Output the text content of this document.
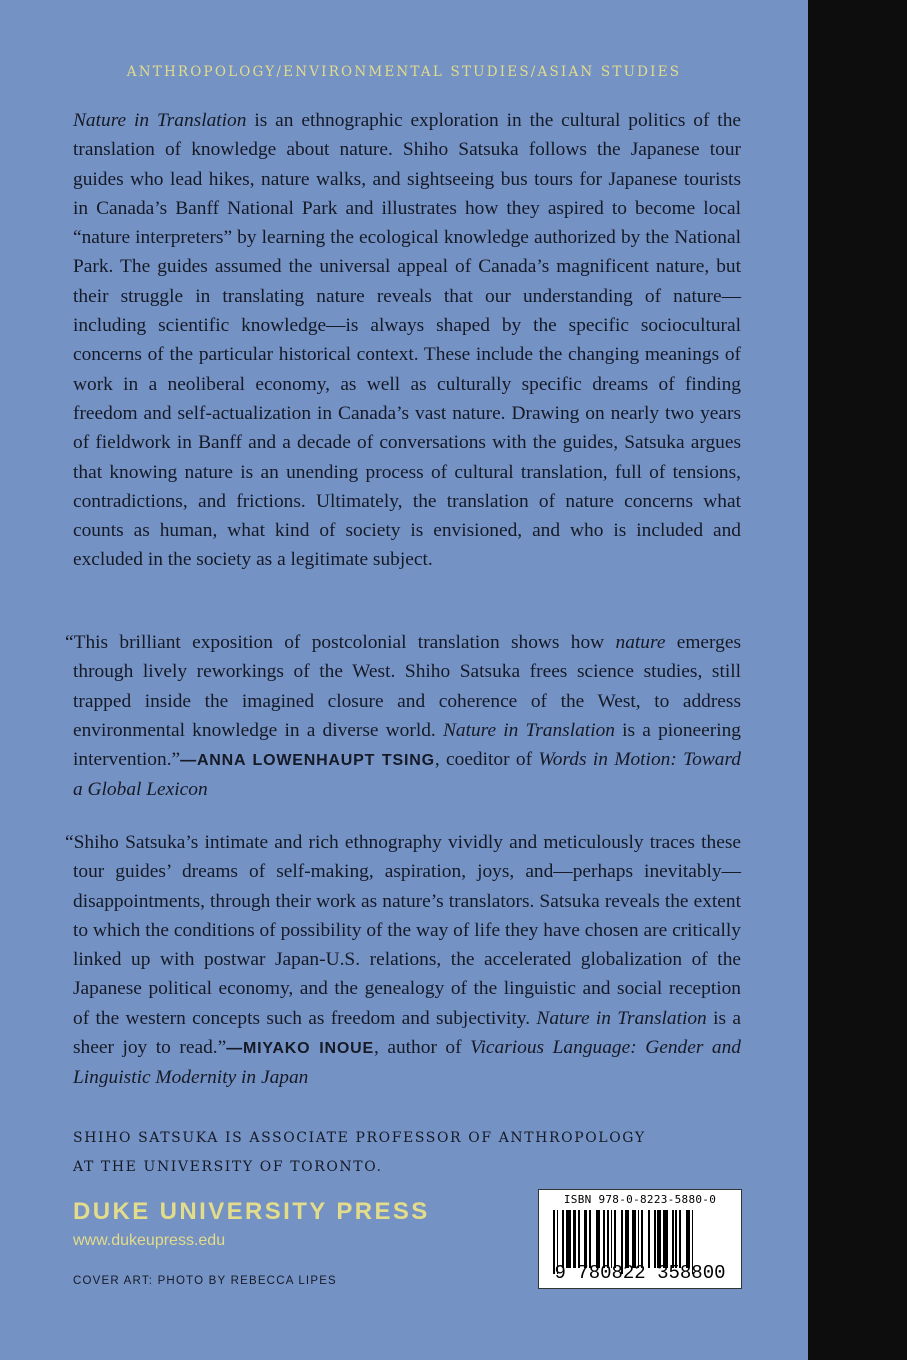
ANTHROPOLOGY/ENVIRONMENTAL STUDIES/ASIAN STUDIES

Nature in Translation is an ethnographic exploration in the cultural politics of the translation of knowledge about nature. Shiho Satsuka follows the Japanese tour guides who lead hikes, nature walks, and sightseeing bus tours for Japanese tourists in Canada’s Banff National Park and illustrates how they aspired to become local “nature interpreters” by learning the ecological knowledge authorized by the National Park. The guides assumed the universal appeal of Canada’s magnificent nature, but their struggle in translating nature reveals that our understanding of nature—including scientific knowledge—is always shaped by the specific sociocultural concerns of the particular historical context. These include the changing meanings of work in a neoliberal economy, as well as culturally specific dreams of finding freedom and self-actualization in Canada’s vast nature. Drawing on nearly two years of fieldwork in Banff and a decade of conversations with the guides, Satsuka argues that knowing nature is an unending process of cultural translation, full of tensions, contradictions, and frictions. Ultimately, the translation of nature concerns what counts as human, what kind of society is envisioned, and who is included and excluded in the society as a legitimate subject.

“This brilliant exposition of postcolonial translation shows how nature emerges through lively reworkings of the West. Shiho Satsuka frees science studies, still trapped inside the imagined closure and coherence of the West, to address environmental knowledge in a diverse world. Nature in Translation is a pioneering intervention.”—ANNA LOWENHAUPT TSING, coeditor of Words in Motion: Toward a Global Lexicon

“Shiho Satsuka’s intimate and rich ethnography vividly and meticulously traces these tour guides’ dreams of self-making, aspiration, joys, and—perhaps inevitably—disappointments, through their work as nature’s translators. Satsuka reveals the extent to which the conditions of possibility of the way of life they have chosen are critically linked up with postwar Japan-U.S. relations, the accelerated globalization of the Japanese political economy, and the genealogy of the linguistic and social reception of the western concepts such as freedom and subjectivity. Nature in Translation is a sheer joy to read.”—MIYAKO INOUE, author of Vicarious Language: Gender and Linguistic Modernity in Japan

SHIHO SATSUKA IS ASSOCIATE PROFESSOR OF ANTHROPOLOGY
AT THE UNIVERSITY OF TORONTO.
DUKE UNIVERSITY PRESS
www.dukeupress.edu
COVER ART: PHOTO BY REBECCA LIPES
ISBN 978-0-8223-5880-0
9 780822 358800
